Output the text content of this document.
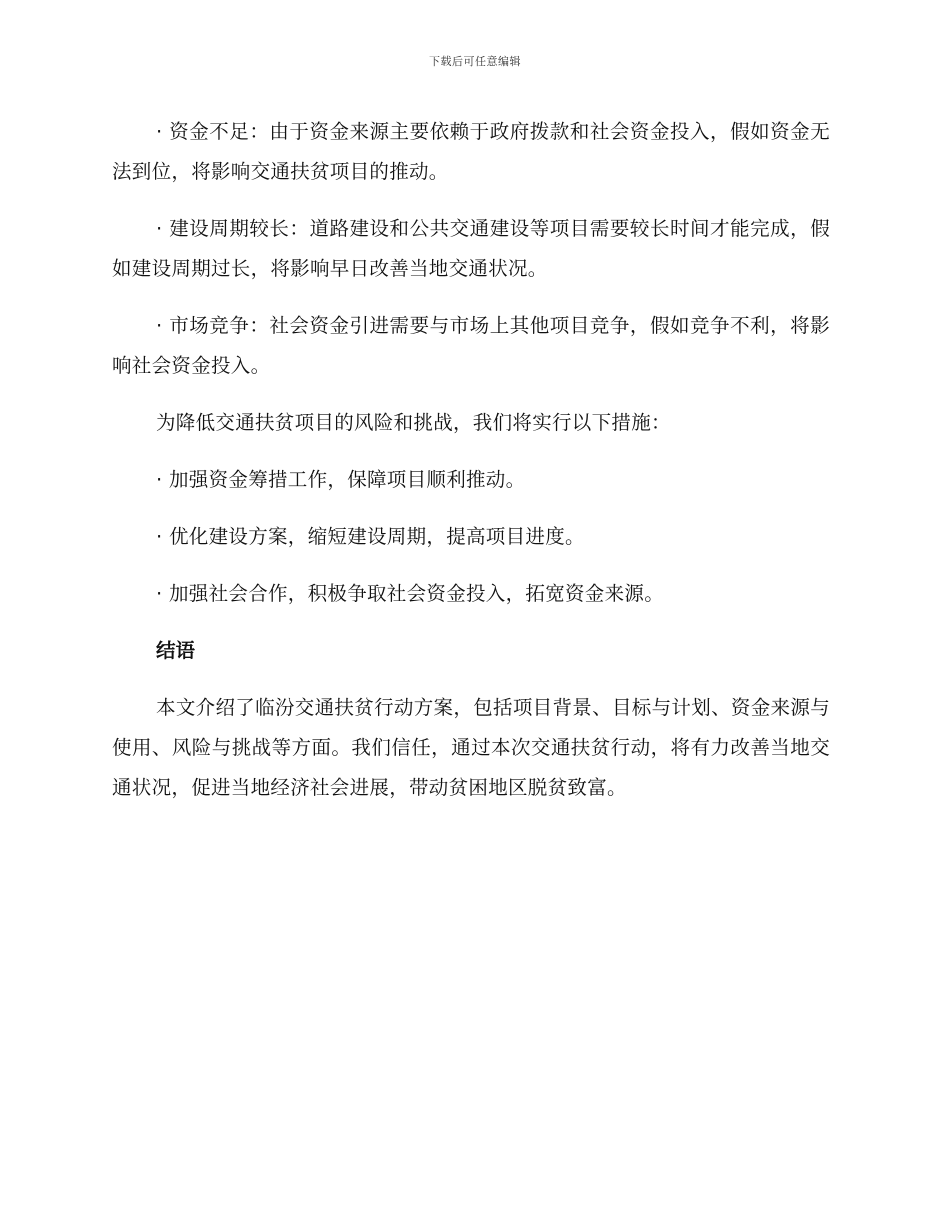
下载后可任意编辑

· 资金不足：由于资金来源主要依赖于政府拨款和社会资金投入，假如资金无法到位，将影响交通扶贫项目的推动。

· 建设周期较长：道路建设和公共交通建设等项目需要较长时间才能完成，假如建设周期过长，将影响早日改善当地交通状况。

· 市场竞争：社会资金引进需要与市场上其他项目竞争，假如竞争不利，将影响社会资金投入。

为降低交通扶贫项目的风险和挑战，我们将实行以下措施：

· 加强资金筹措工作，保障项目顺利推动。

· 优化建设方案，缩短建设周期，提高项目进度。

· 加强社会合作，积极争取社会资金投入，拓宽资金来源。

结语

本文介绍了临汾交通扶贫行动方案，包括项目背景、目标与计划、资金来源与使用、风险与挑战等方面。我们信任，通过本次交通扶贫行动，将有力改善当地交通状况，促进当地经济社会进展，带动贫困地区脱贫致富。
